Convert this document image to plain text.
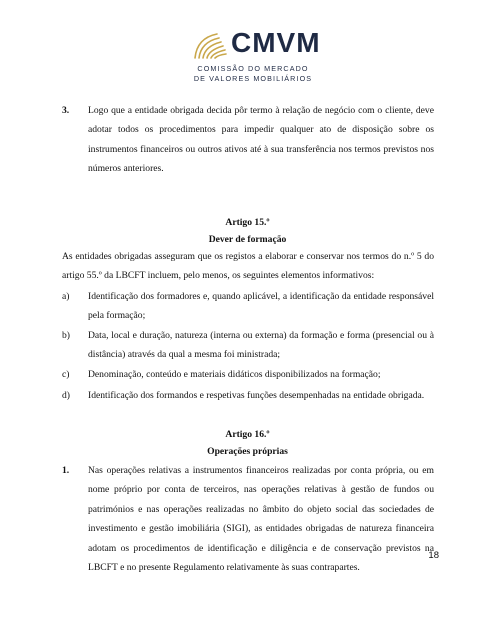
CMVM
COMISSÃO DO MERCADO
DE VALORES MOBILIÁRIOS
3. Logo que a entidade obrigada decida pôr termo à relação de negócio com o cliente, deve adotar todos os procedimentos para impedir qualquer ato de disposição sobre os instrumentos financeiros ou outros ativos até à sua transferência nos termos previstos nos números anteriores.
Artigo 15.º
Dever de formação
As entidades obrigadas asseguram que os registos a elaborar e conservar nos termos do n.º 5 do artigo 55.º da LBCFT incluem, pelo menos, os seguintes elementos informativos:
a) Identificação dos formadores e, quando aplicável, a identificação da entidade responsável pela formação;
b) Data, local e duração, natureza (interna ou externa) da formação e forma (presencial ou à distância) através da qual a mesma foi ministrada;
c) Denominação, conteúdo e materiais didáticos disponibilizados na formação;
d) Identificação dos formandos e respetivas funções desempenhadas na entidade obrigada.
Artigo 16.º
Operações próprias
1. Nas operações relativas a instrumentos financeiros realizadas por conta própria, ou em nome próprio por conta de terceiros, nas operações relativas à gestão de fundos ou patrimónios e nas operações realizadas no âmbito do objeto social das sociedades de investimento e gestão imobiliária (SIGI), as entidades obrigadas de natureza financeira adotam os procedimentos de identificação e diligência e de conservação previstos na LBCFT e no presente Regulamento relativamente às suas contrapartes.
18
